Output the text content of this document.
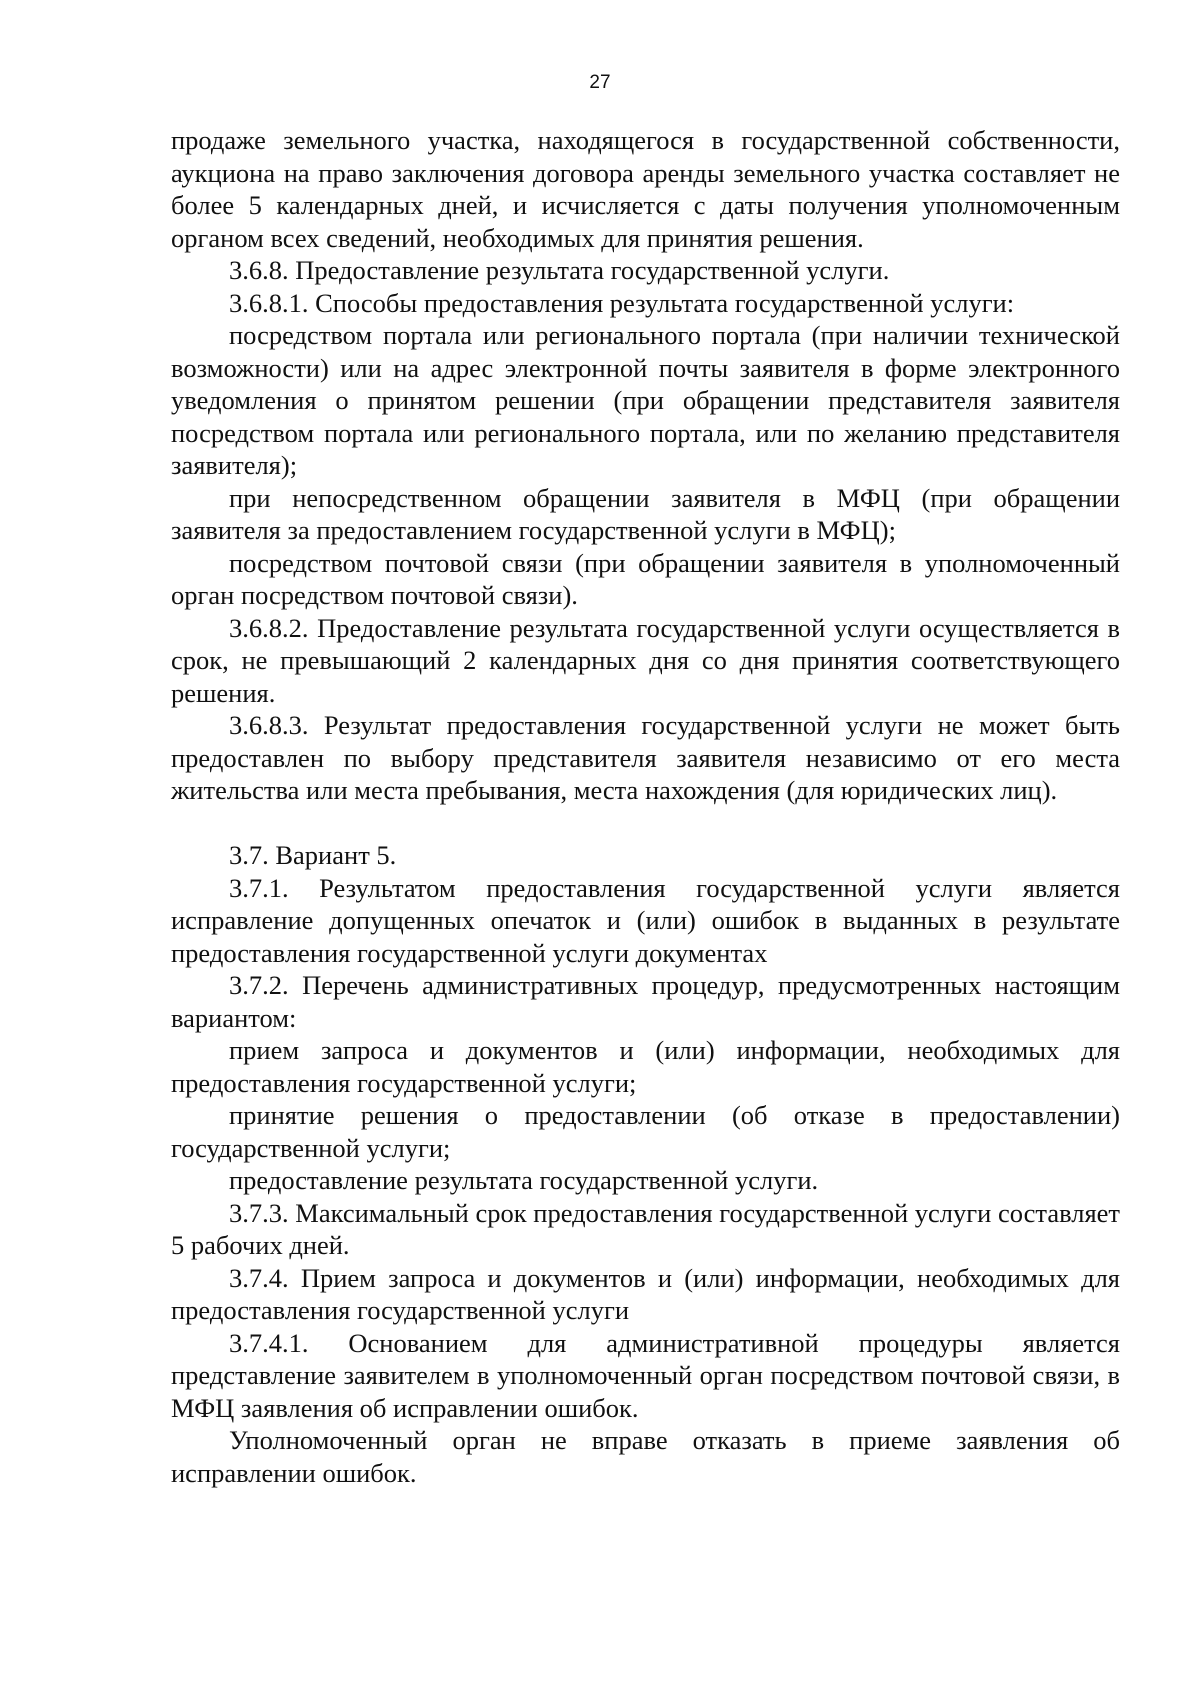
27

продаже земельного участка, находящегося в государственной собственности, аукциона на право заключения договора аренды земельного участка составляет не более 5 календарных дней, и исчисляется с даты получения уполномоченным органом всех сведений, необходимых для принятия решения.

3.6.8. Предоставление результата государственной услуги.

3.6.8.1. Способы предоставления результата государственной услуги:

посредством портала или регионального портала (при наличии технической возможности) или на адрес электронной почты заявителя в форме электронного уведомления о принятом решении (при обращении представителя заявителя посредством портала или регионального портала, или по желанию представителя заявителя);

при непосредственном обращении заявителя в МФЦ (при обращении заявителя за предоставлением государственной услуги в МФЦ);

посредством почтовой связи (при обращении заявителя в уполномоченный орган посредством почтовой связи).

3.6.8.2. Предоставление результата государственной услуги осуществляется в срок, не превышающий 2 календарных дня со дня принятия соответствующего решения.

3.6.8.3. Результат предоставления государственной услуги не может быть предоставлен по выбору представителя заявителя независимо от его места жительства или места пребывания, места нахождения (для юридических лиц).

3.7. Вариант 5.

3.7.1. Результатом предоставления государственной услуги является исправление допущенных опечаток и (или) ошибок в выданных в результате предоставления государственной услуги документах

3.7.2. Перечень административных процедур, предусмотренных настоящим вариантом:

прием запроса и документов и (или) информации, необходимых для предоставления государственной услуги;

принятие решения о предоставлении (об отказе в предоставлении) государственной услуги;

предоставление результата государственной услуги.

3.7.3. Максимальный срок предоставления государственной услуги составляет 5 рабочих дней.

3.7.4. Прием запроса и документов и (или) информации, необходимых для предоставления государственной услуги

3.7.4.1. Основанием для административной процедуры является представление заявителем в уполномоченный орган посредством почтовой связи, в МФЦ заявления об исправлении ошибок.

Уполномоченный орган не вправе отказать в приеме заявления об исправлении ошибок.
